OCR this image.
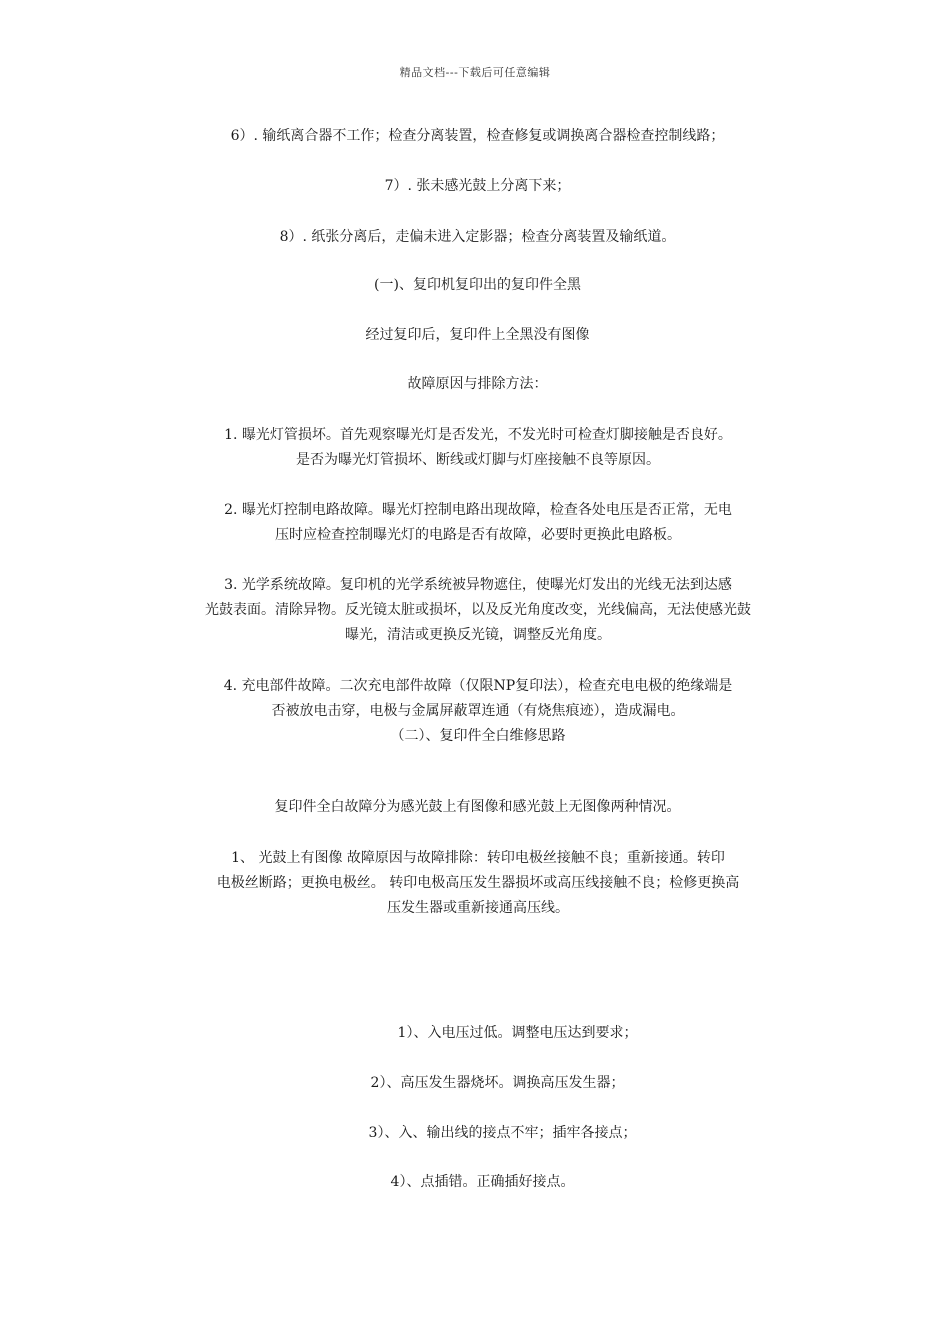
精品文档---下载后可任意编辑
6）. 输纸离合器不工作；检查分离装置，检查修复或调换离合器检查控制线路；
7）. 张未感光鼓上分离下来；
8）. 纸张分离后，走偏未进入定影器；检查分离装置及输纸道。
(一)、复印机复印出的复印件全黑
经过复印后，复印件上全黑没有图像
故障原因与排除方法：
1. 曝光灯管损坏。首先观察曝光灯是否发光，不发光时可检查灯脚接触是否良好。
是否为曝光灯管损坏、断线或灯脚与灯座接触不良等原因。
2. 曝光灯控制电路故障。曝光灯控制电路出现故障，检查各处电压是否正常，无电
压时应检查控制曝光灯的电路是否有故障，必要时更换此电路板。
3. 光学系统故障。复印机的光学系统被异物遮住，使曝光灯发出的光线无法到达感
光鼓表面。清除异物。反光镜太脏或损坏，以及反光角度改变，光线偏高，无法使感光鼓
曝光，清洁或更换反光镜，调整反光角度。
4. 充电部件故障。二次充电部件故障（仅限NP复印法），检查充电电极的绝缘端是
否被放电击穿，电极与金属屏蔽罩连通（有烧焦痕迹），造成漏电。
（二）、复印件全白维修思路
复印件全白故障分为感光鼓上有图像和感光鼓上无图像两种情况。
1、 光鼓上有图像 故障原因与故障排除：转印电极丝接触不良；重新接通。转印
电极丝断路；更换电极丝。 转印电极高压发生器损坏或高压线接触不良；检修更换高
压发生器或重新接通高压线。
1）、入电压过低。调整电压达到要求；
2）、高压发生器烧坏。调换高压发生器；
3）、入、输出线的接点不牢；插牢各接点；
4）、点插错。正确插好接点。
